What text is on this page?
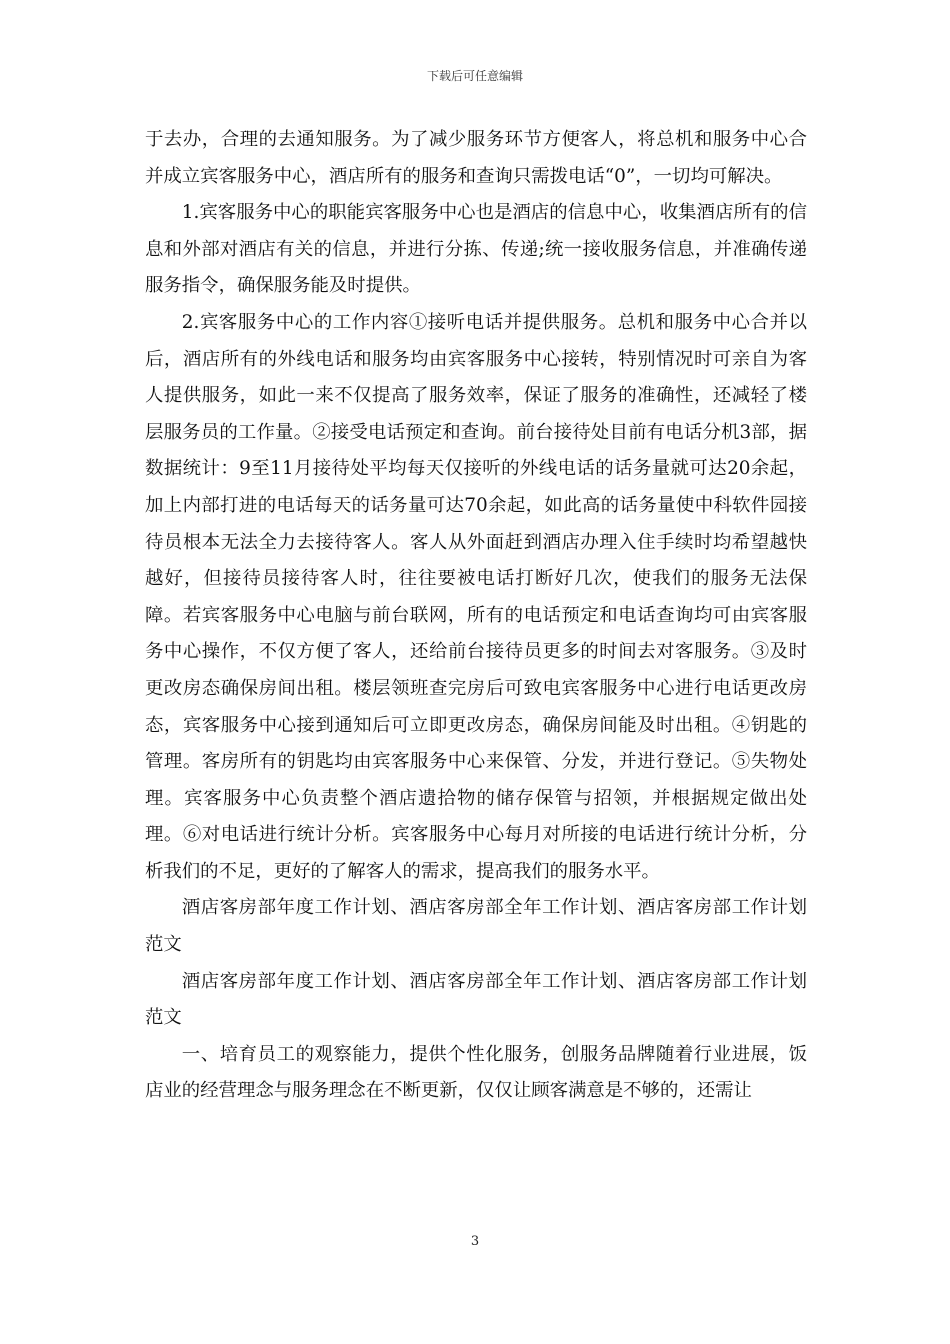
下载后可任意编辑

于去办，合理的去通知服务。为了减少服务环节方便客人，将总机和服务中心合并成立宾客服务中心，酒店所有的服务和查询只需拨电话“0”，一切均可解决。

1.宾客服务中心的职能宾客服务中心也是酒店的信息中心，收集酒店所有的信息和外部对酒店有关的信息，并进行分拣、传递;统一接收服务信息，并准确传递服务指令，确保服务能及时提供。

2.宾客服务中心的工作内容①接听电话并提供服务。总机和服务中心合并以后，酒店所有的外线电话和服务均由宾客服务中心接转，特别情况时可亲自为客人提供服务，如此一来不仅提高了服务效率，保证了服务的准确性，还减轻了楼层服务员的工作量。②接受电话预定和查询。前台接待处目前有电话分机3部，据数据统计：9至11月接待处平均每天仅接听的外线电话的话务量就可达20余起，加上内部打进的电话每天的话务量可达70余起，如此高的话务量使中科软件园接待员根本无法全力去接待客人。客人从外面赶到酒店办理入住手续时均希望越快越好，但接待员接待客人时，往往要被电话打断好几次，使我们的服务无法保障。若宾客服务中心电脑与前台联网，所有的电话预定和电话查询均可由宾客服务中心操作，不仅方便了客人，还给前台接待员更多的时间去对客服务。③及时更改房态确保房间出租。楼层领班查完房后可致电宾客服务中心进行电话更改房态，宾客服务中心接到通知后可立即更改房态，确保房间能及时出租。④钥匙的管理。客房所有的钥匙均由宾客服务中心来保管、分发，并进行登记。⑤失物处理。宾客服务中心负责整个酒店遗拾物的储存保管与招领，并根据规定做出处理。⑥对电话进行统计分析。宾客服务中心每月对所接的电话进行统计分析，分析我们的不足，更好的了解客人的需求，提高我们的服务水平。

酒店客房部年度工作计划、酒店客房部全年工作计划、酒店客房部工作计划范文

酒店客房部年度工作计划、酒店客房部全年工作计划、酒店客房部工作计划范文

一、培育员工的观察能力，提供个性化服务，创服务品牌随着行业进展，饭店业的经营理念与服务理念在不断更新，仅仅让顾客满意是不够的，还需让

3
